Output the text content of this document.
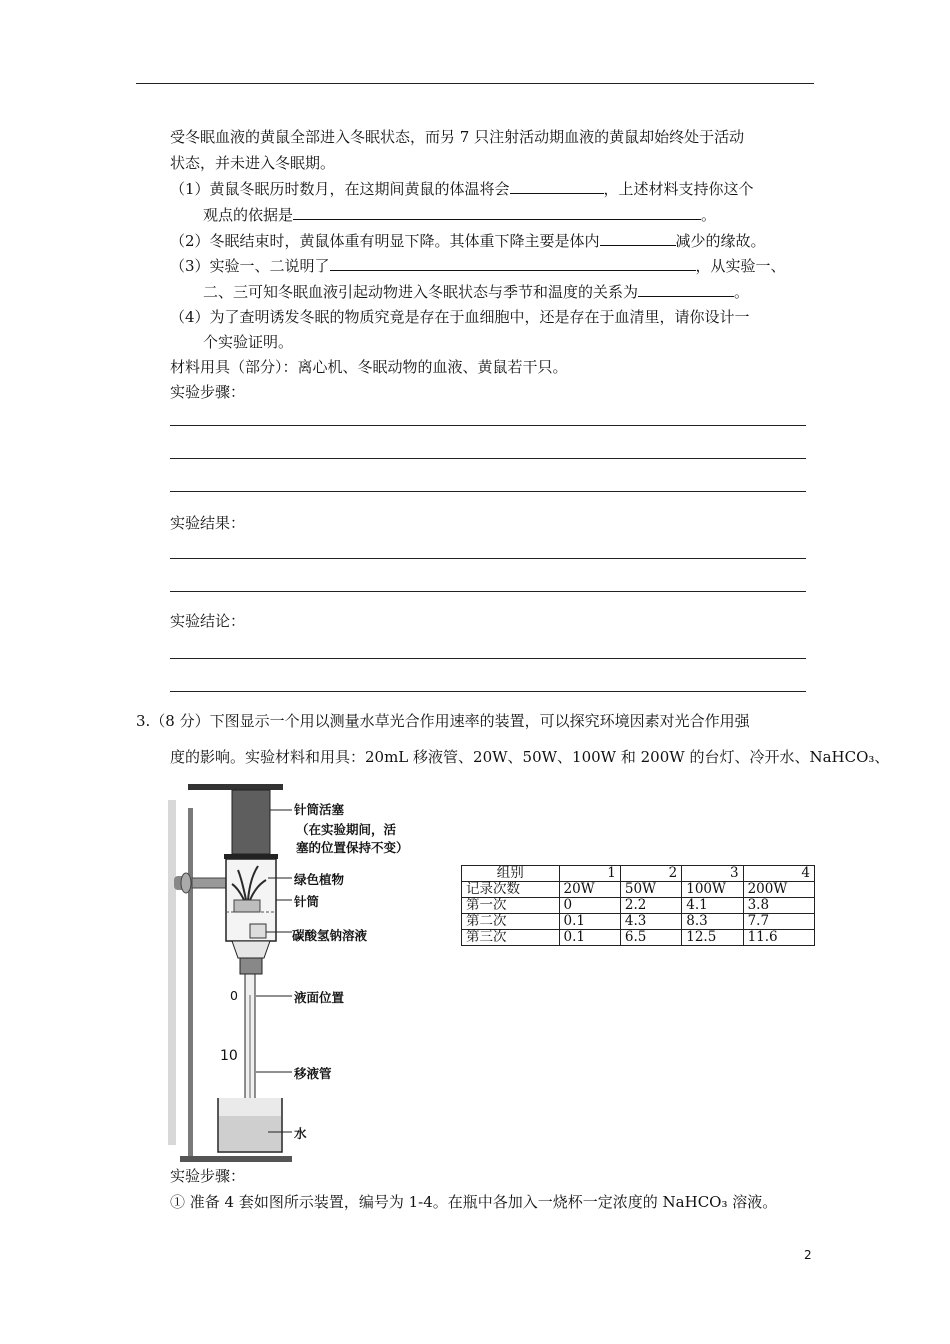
受冬眠血液的黄鼠全部进入冬眠状态，而另 7 只注射活动期血液的黄鼠却始终处于活动
状态，并未进入冬眠期。
（1）黄鼠冬眠历时数月，在这期间黄鼠的体温将会	，上述材料支持你这个
观点的依据是	。
（2）冬眠结束时，黄鼠体重有明显下降。其体重下降主要是体内	减少的缘故。
（3）实验一、二说明了	，从实验一、
二、三可知冬眠血液引起动物进入冬眠状态与季节和温度的关系为	。
（4）为了查明诱发冬眠的物质究竟是存在于血细胞中，还是存在于血清里，请你设计一
个实验证明。
材料用具（部分）：离心机、冬眠动物的血液、黄鼠若干只。
实验步骤：
实验结果：
实验结论：
3.（8 分）下图显示一个用以测量水草光合作用速率的装置，可以探究环境因素对光合作用强
度的影响。实验材料和用具：20mL 移液管、20W、50W、100W 和 200W 的台灯、冷开水、NaHCO₃、
针筒活塞
（在实验期间，活
塞的位置保持不变）
绿色植物
针筒
碳酸氢钠溶液
0	液面位置
10
移液管
水
组别	1	2	3	4
记录次数	20W	50W	100W	200W
第一次	0	2.2	4.1	3.8
第二次	0.1	4.3	8.3	7.7
第三次	0.1	6.5	12.5	11.6
实验步骤：
① 准备 4 套如图所示装置，编号为 1-4。在瓶中各加入一烧杯一定浓度的 NaHCO₃ 溶液。
2
